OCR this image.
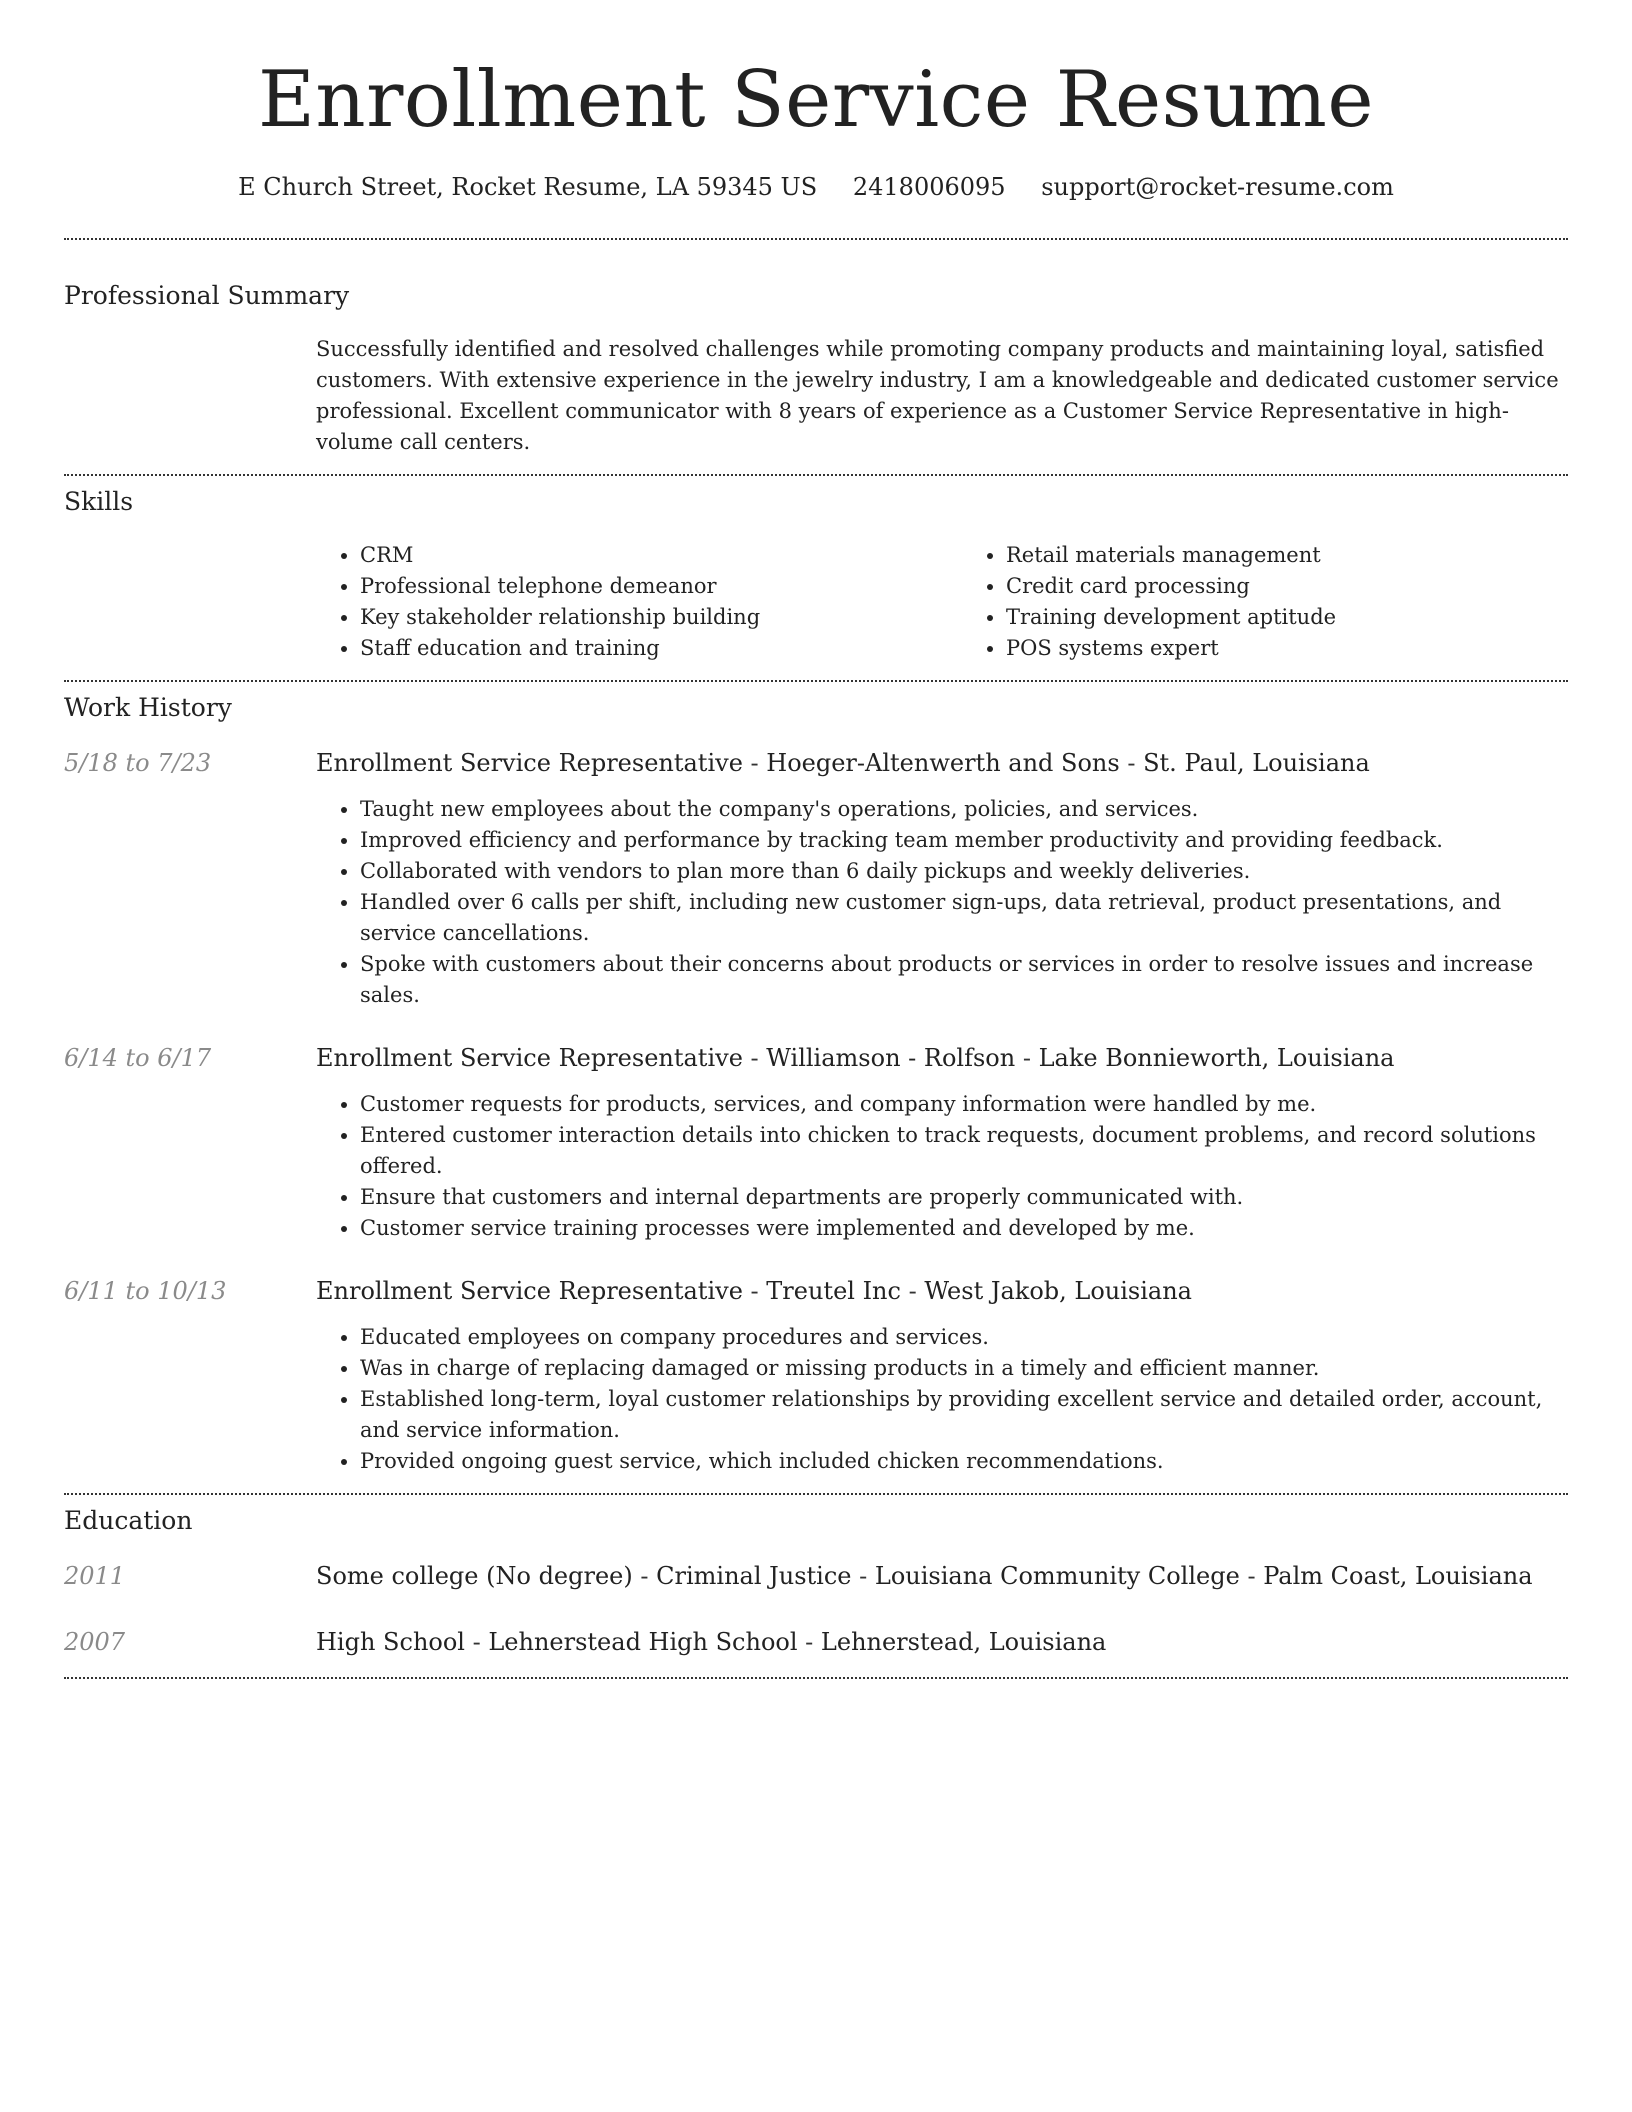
Enrollment Service Resume
E Church Street, Rocket Resume, LA 59345 US 2418006095 support@rocket-resume.com
Professional Summary

Successfully identified and resolved challenges while promoting company products and maintaining loyal, satisfied customers. With extensive experience in the jewelry industry, I am a knowledgeable and dedicated customer service professional. Excellent communicator with 8 years of experience as a Customer Service Representative in high-volume call centers.

Skills
• CRM
• Professional telephone demeanor
• Key stakeholder relationship building
• Staff education and training
• Retail materials management
• Credit card processing
• Training development aptitude
• POS systems expert
Work History
5/18 to 7/23	Enrollment Service Representative - Hoeger-Altenwerth and Sons - St. Paul, Louisiana
• Taught new employees about the company's operations, policies, and services.
• Improved efficiency and performance by tracking team member productivity and providing feedback.
• Collaborated with vendors to plan more than 6 daily pickups and weekly deliveries.
• Handled over 6 calls per shift, including new customer sign-ups, data retrieval, product presentations, and service cancellations.
• Spoke with customers about their concerns about products or services in order to resolve issues and increase sales.
6/14 to 6/17	Enrollment Service Representative - Williamson - Rolfson - Lake Bonnieworth, Louisiana
• Customer requests for products, services, and company information were handled by me.
• Entered customer interaction details into chicken to track requests, document problems, and record solutions offered.
• Ensure that customers and internal departments are properly communicated with.
• Customer service training processes were implemented and developed by me.
6/11 to 10/13	Enrollment Service Representative - Treutel Inc - West Jakob, Louisiana
• Educated employees on company procedures and services.
• Was in charge of replacing damaged or missing products in a timely and efficient manner.
• Established long-term, loyal customer relationships by providing excellent service and detailed order, account, and service information.
• Provided ongoing guest service, which included chicken recommendations.
Education
2011	Some college (No degree) - Criminal Justice - Louisiana Community College - Palm Coast, Louisiana
2007	High School - Lehnerstead High School - Lehnerstead, Louisiana
